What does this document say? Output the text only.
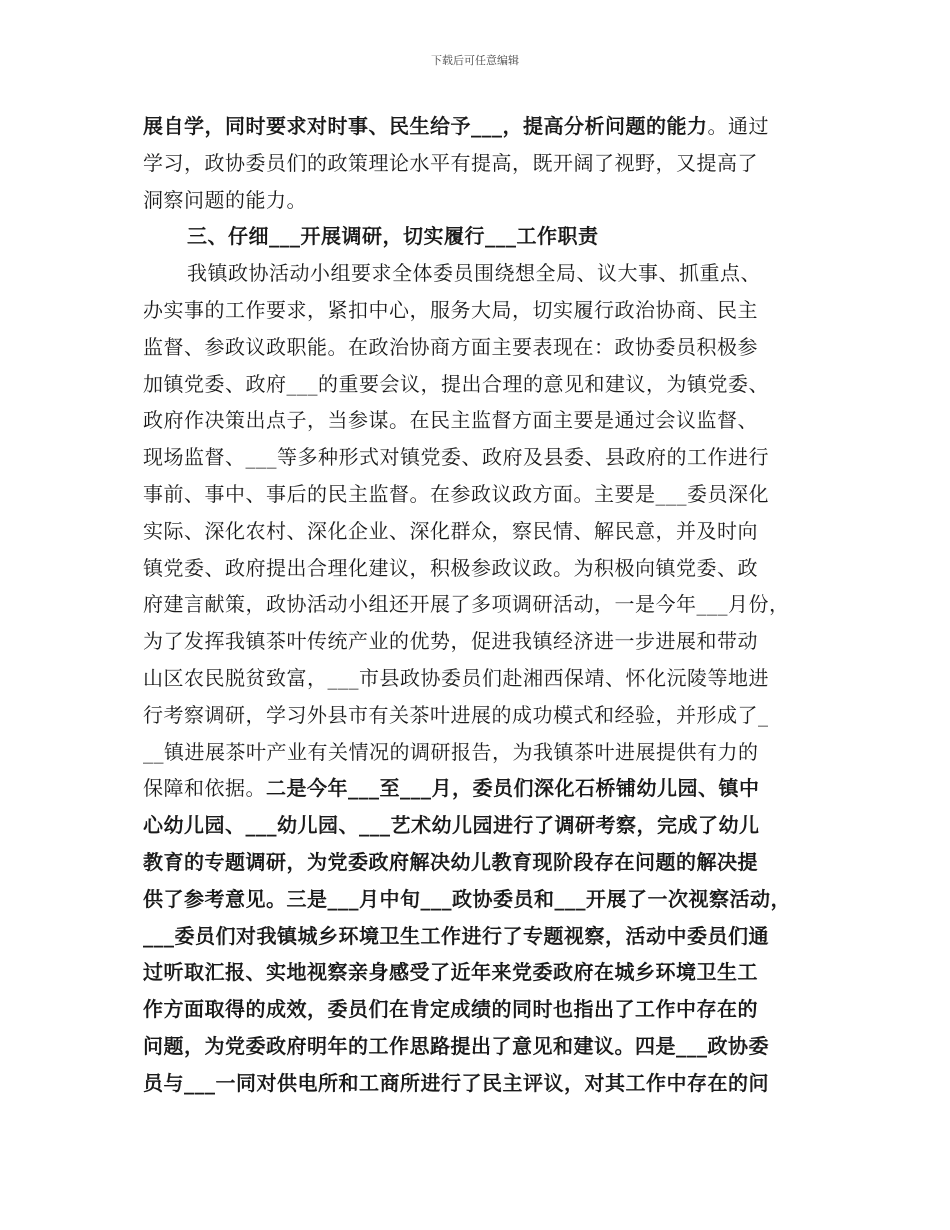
下载后可任意编辑
展自学，同时要求对时事、民生给予___，提高分析问题的能力。通过
学习，政协委员们的政策理论水平有提高，既开阔了视野，又提高了
洞察问题的能力。
三、仔细___开展调研，切实履行___工作职责
我镇政协活动小组要求全体委员围绕想全局、议大事、抓重点、
办实事的工作要求，紧扣中心，服务大局，切实履行政治协商、民主
监督、参政议政职能。在政治协商方面主要表现在：政协委员积极参
加镇党委、政府___的重要会议，提出合理的意见和建议，为镇党委、
政府作决策出点子，当参谋。在民主监督方面主要是通过会议监督、
现场监督、___等多种形式对镇党委、政府及县委、县政府的工作进行
事前、事中、事后的民主监督。在参政议政方面。主要是___委员深化
实际、深化农村、深化企业、深化群众，察民情、解民意，并及时向
镇党委、政府提出合理化建议，积极参政议政。为积极向镇党委、政
府建言献策，政协活动小组还开展了多项调研活动，一是今年___月份，
为了发挥我镇茶叶传统产业的优势，促进我镇经济进一步进展和带动
山区农民脱贫致富，___市县政协委员们赴湘西保靖、怀化沅陵等地进
行考察调研，学习外县市有关茶叶进展的成功模式和经验，并形成了_
__镇进展茶叶产业有关情况的调研报告，为我镇茶叶进展提供有力的
保障和依据。二是今年___至___月，委员们深化石桥铺幼儿园、镇中
心幼儿园、___幼儿园、___艺术幼儿园进行了调研考察，完成了幼儿
教育的专题调研，为党委政府解决幼儿教育现阶段存在问题的解决提
供了参考意见。三是___月中旬___政协委员和___开展了一次视察活动，
___委员们对我镇城乡环境卫生工作进行了专题视察，活动中委员们通
过听取汇报、实地视察亲身感受了近年来党委政府在城乡环境卫生工
作方面取得的成效，委员们在肯定成绩的同时也指出了工作中存在的
问题，为党委政府明年的工作思路提出了意见和建议。四是___政协委
员与___一同对供电所和工商所进行了民主评议，对其工作中存在的问
